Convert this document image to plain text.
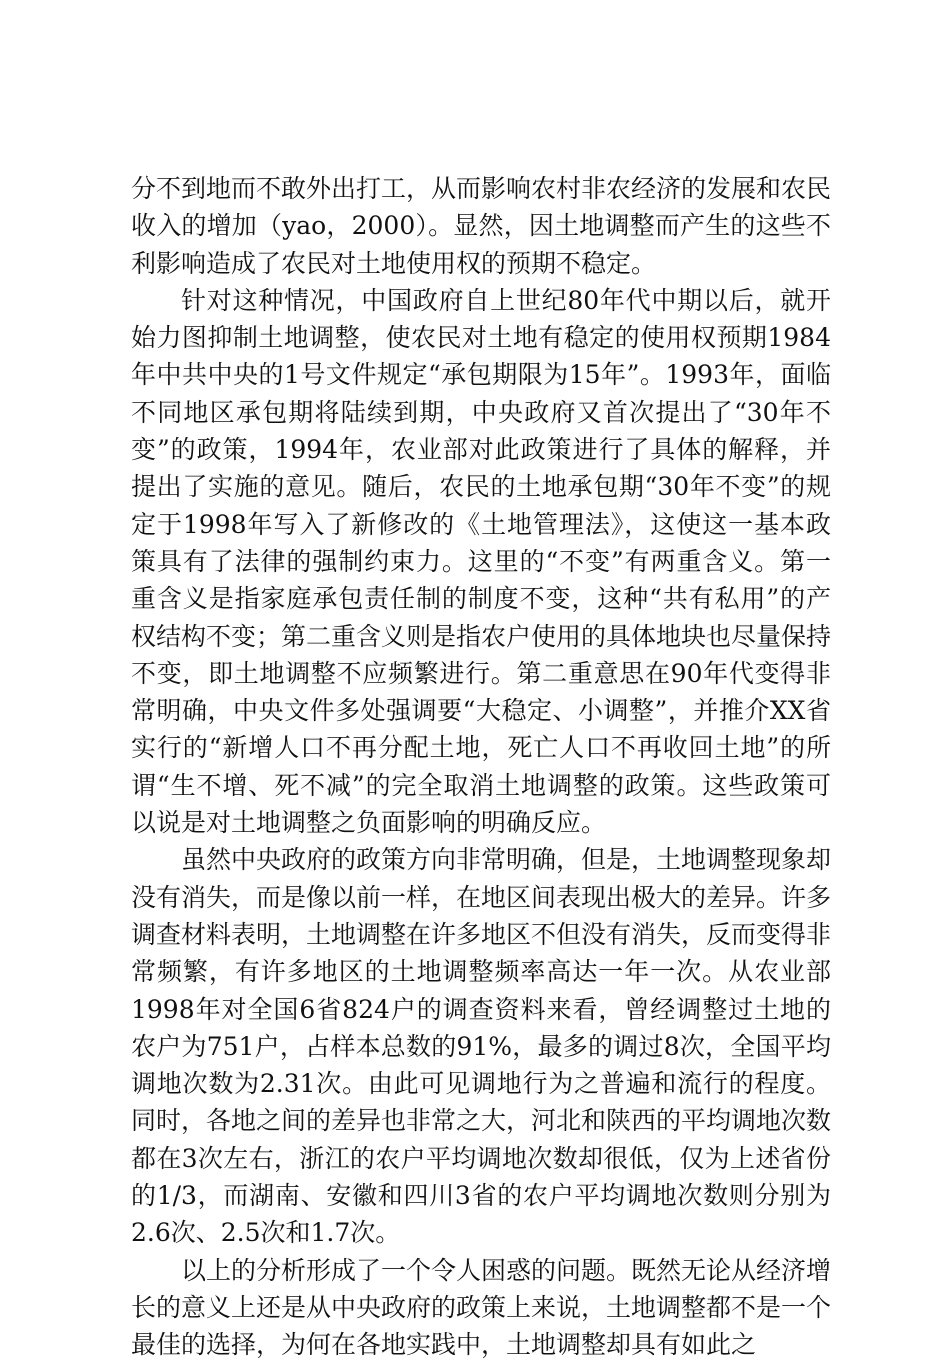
分不到地而不敢外出打工，从而影响农村非农经济的发展和农民收入的增加（yao，2000）。显然，因土地调整而产生的这些不利影响造成了农民对土地使用权的预期不稳定。

针对这种情况，中国政府自上世纪80年代中期以后，就开始力图抑制土地调整，使农民对土地有稳定的使用权预期1984年中共中央的1号文件规定“承包期限为15年”。1993年，面临不同地区承包期将陆续到期，中央政府又首次提出了“30年不变”的政策，1994年，农业部对此政策进行了具体的解释，并提出了实施的意见。随后，农民的土地承包期“30年不变”的规定于1998年写入了新修改的《土地管理法》，这使这一基本政策具有了法律的强制约束力。这里的“不变”有两重含义。第一重含义是指家庭承包责任制的制度不变，这种“共有私用”的产权结构不变；第二重含义则是指农户使用的具体地块也尽量保持不变，即土地调整不应频繁进行。第二重意思在90年代变得非常明确，中央文件多处强调要“大稳定、小调整”，并推介XX省实行的“新增人口不再分配土地，死亡人口不再收回土地”的所谓“生不增、死不减”的完全取消土地调整的政策。这些政策可以说是对土地调整之负面影响的明确反应。

虽然中央政府的政策方向非常明确，但是，土地调整现象却没有消失，而是像以前一样，在地区间表现出极大的差异。许多调查材料表明，土地调整在许多地区不但没有消失，反而变得非常频繁，有许多地区的土地调整频率高达一年一次。从农业部1998年对全国6省824户的调查资料来看，曾经调整过土地的农户为751户，占样本总数的91%，最多的调过8次，全国平均调地次数为2.31次。由此可见调地行为之普遍和流行的程度。同时，各地之间的差异也非常之大，河北和陕西的平均调地次数都在3次左右，浙江的农户平均调地次数却很低，仅为上述省份的1/3，而湖南、安徽和四川3省的农户平均调地次数则分别为2.6次、2.5次和1.7次。

以上的分析形成了一个令人困惑的问题。既然无论从经济增长的意义上还是从中央政府的政策上来说，土地调整都不是一个最佳的选择，为何在各地实践中，土地调整却具有如此之
